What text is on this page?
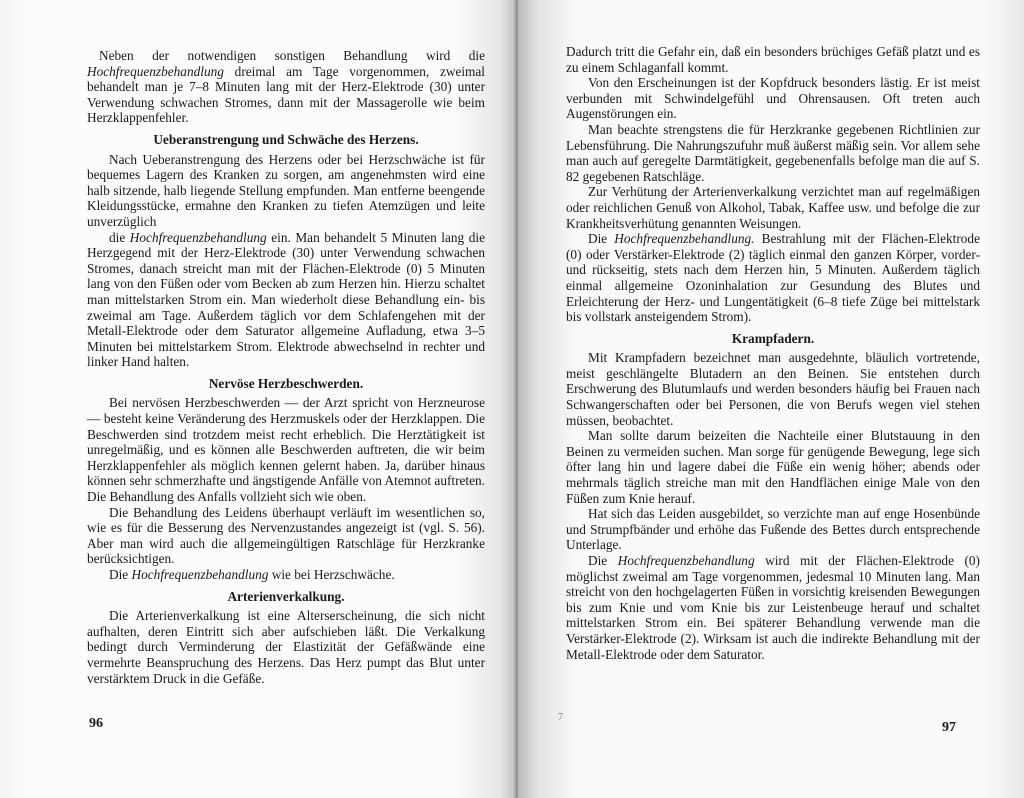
Neben der notwendigen sonstigen Behandlung wird die Hochfrequenzbehandlung dreimal am Tage vorgenommen, zweimal behandelt man je 7–8 Minuten lang mit der Herz-Elektrode (30) unter Verwendung schwachen Stromes, dann mit der Massagerolle wie beim Herzklappenfehler.

Ueberanstrengung und Schwäche des Herzens.

Nach Ueberanstrengung des Herzens oder bei Herzschwäche ist für bequemes Lagern des Kranken zu sorgen, am angenehmsten wird eine halb sitzende, halb liegende Stellung empfunden. Man entferne beengende Kleidungsstücke, ermahne den Kranken zu tiefen Atemzügen und leite unverzüglich

die Hochfrequenzbehandlung ein. Man behandelt 5 Minuten lang die Herzgegend mit der Herz-Elektrode (30) unter Verwendung schwachen Stromes, danach streicht man mit der Flächen-Elektrode (0) 5 Minuten lang von den Füßen oder vom Becken ab zum Herzen hin. Hierzu schaltet man mittelstarken Strom ein. Man wiederholt diese Behandlung ein- bis zweimal am Tage. Außerdem täglich vor dem Schlafengehen mit der Metall-Elektrode oder dem Saturator allgemeine Aufladung, etwa 3–5 Minuten bei mittelstarkem Strom. Elektrode abwechselnd in rechter und linker Hand halten.

Nervöse Herzbeschwerden.

Bei nervösen Herzbeschwerden — der Arzt spricht von Herzneurose — besteht keine Veränderung des Herzmuskels oder der Herzklappen. Die Beschwerden sind trotzdem meist recht erheblich. Die Herztätigkeit ist unregelmäßig, und es können alle Beschwerden auftreten, die wir beim Herzklappenfehler als möglich kennen gelernt haben. Ja, darüber hinaus können sehr schmerzhafte und ängstigende Anfälle von Atemnot auftreten. Die Behandlung des Anfalls vollzieht sich wie oben.

Die Behandlung des Leidens überhaupt verläuft im wesentlichen so, wie es für die Besserung des Nervenzustandes angezeigt ist (vgl. S. 56). Aber man wird auch die allgemeingültigen Ratschläge für Herzkranke berücksichtigen.

Die Hochfrequenzbehandlung wie bei Herzschwäche.

Arterienverkalkung.

Die Arterienverkalkung ist eine Alterserscheinung, die sich nicht aufhalten, deren Eintritt sich aber aufschieben läßt. Die Verkalkung bedingt durch Verminderung der Elastizität der Gefäßwände eine vermehrte Beanspruchung des Herzens. Das Herz pumpt das Blut unter verstärktem Druck in die Gefäße.

96

Dadurch tritt die Gefahr ein, daß ein besonders brüchiges Gefäß platzt und es zu einem Schlaganfall kommt.

Von den Erscheinungen ist der Kopfdruck besonders lästig. Er ist meist verbunden mit Schwindelgefühl und Ohrensausen. Oft treten auch Augenstörungen ein.

Man beachte strengstens die für Herzkranke gegebenen Richtlinien zur Lebensführung. Die Nahrungszufuhr muß äußerst mäßig sein. Vor allem sehe man auch auf geregelte Darmtätigkeit, gegebenenfalls befolge man die auf S. 82 gegebenen Ratschläge.

Zur Verhütung der Arterienverkalkung verzichtet man auf regelmäßigen oder reichlichen Genuß von Alkohol, Tabak, Kaffee usw. und befolge die zur Krankheitsverhütung genannten Weisungen.

Die Hochfrequenzbehandlung. Bestrahlung mit der Flächen-Elektrode (0) oder Verstärker-Elektrode (2) täglich einmal den ganzen Körper, vorder- und rückseitig, stets nach dem Herzen hin, 5 Minuten. Außerdem täglich einmal allgemeine Ozoninhalation zur Gesundung des Blutes und Erleichterung der Herz- und Lungentätigkeit (6–8 tiefe Züge bei mittelstark bis vollstark ansteigendem Strom).

Krampfadern.

Mit Krampfadern bezeichnet man ausgedehnte, bläulich vortretende, meist geschlängelte Blutadern an den Beinen. Sie entstehen durch Erschwerung des Blutumlaufs und werden besonders häufig bei Frauen nach Schwangerschaften oder bei Personen, die von Berufs wegen viel stehen müssen, beobachtet.

Man sollte darum beizeiten die Nachteile einer Blutstauung in den Beinen zu vermeiden suchen. Man sorge für genügende Bewegung, lege sich öfter lang hin und lagere dabei die Füße ein wenig höher; abends oder mehrmals täglich streiche man mit den Handflächen einige Male von den Füßen zum Knie herauf.

Hat sich das Leiden ausgebildet, so verzichte man auf enge Hosenbünde und Strumpfbänder und erhöhe das Fußende des Bettes durch entsprechende Unterlage.

Die Hochfrequenzbehandlung wird mit der Flächen-Elektrode (0) möglichst zweimal am Tage vorgenommen, jedesmal 10 Minuten lang. Man streicht von den hochgelagerten Füßen in vorsichtig kreisenden Bewegungen bis zum Knie und vom Knie bis zur Leistenbeuge herauf und schaltet mittelstarken Strom ein. Bei späterer Behandlung verwende man die Verstärker-Elektrode (2). Wirksam ist auch die indirekte Behandlung mit der Metall-Elektrode oder dem Saturator.

7
97
